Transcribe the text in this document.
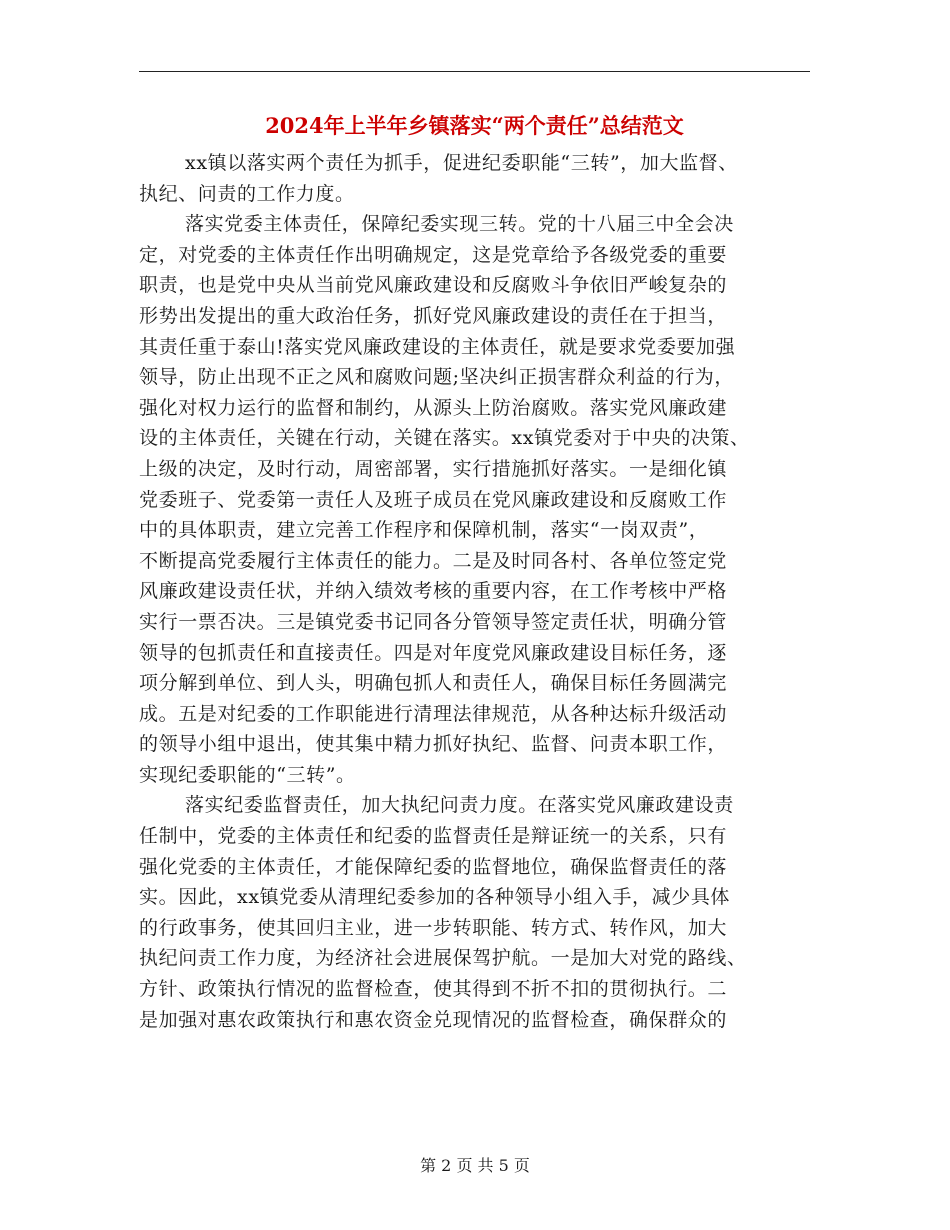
2024年上半年乡镇落实“两个责任”总结范文
xx镇以落实两个责任为抓手，促进纪委职能“三转”，加大监督、
执纪、问责的工作力度。
落实党委主体责任，保障纪委实现三转。党的十八届三中全会决
定，对党委的主体责任作出明确规定，这是党章给予各级党委的重要
职责，也是党中央从当前党风廉政建设和反腐败斗争依旧严峻复杂的
形势出发提出的重大政治任务，抓好党风廉政建设的责任在于担当，
其责任重于泰山!落实党风廉政建设的主体责任，就是要求党委要加强
领导，防止出现不正之风和腐败问题;坚决纠正损害群众利益的行为，
强化对权力运行的监督和制约，从源头上防治腐败。落实党风廉政建
设的主体责任，关键在行动，关键在落实。xx镇党委对于中央的决策、
上级的决定，及时行动，周密部署，实行措施抓好落实。一是细化镇
党委班子、党委第一责任人及班子成员在党风廉政建设和反腐败工作
中的具体职责，建立完善工作程序和保障机制，落实“一岗双责”，
不断提高党委履行主体责任的能力。二是及时同各村、各单位签定党
风廉政建设责任状，并纳入绩效考核的重要内容，在工作考核中严格
实行一票否决。三是镇党委书记同各分管领导签定责任状，明确分管
领导的包抓责任和直接责任。四是对年度党风廉政建设目标任务，逐
项分解到单位、到人头，明确包抓人和责任人，确保目标任务圆满完
成。五是对纪委的工作职能进行清理法律规范，从各种达标升级活动
的领导小组中退出，使其集中精力抓好执纪、监督、问责本职工作，
实现纪委职能的“三转”。
落实纪委监督责任，加大执纪问责力度。在落实党风廉政建设责
任制中，党委的主体责任和纪委的监督责任是辩证统一的关系，只有
强化党委的主体责任，才能保障纪委的监督地位，确保监督责任的落
实。因此，xx镇党委从清理纪委参加的各种领导小组入手，减少具体
的行政事务，使其回归主业，进一步转职能、转方式、转作风，加大
执纪问责工作力度，为经济社会进展保驾护航。一是加大对党的路线、
方针、政策执行情况的监督检查，使其得到不折不扣的贯彻执行。二
是加强对惠农政策执行和惠农资金兑现情况的监督检查，确保群众的
第 2 页 共 5 页
